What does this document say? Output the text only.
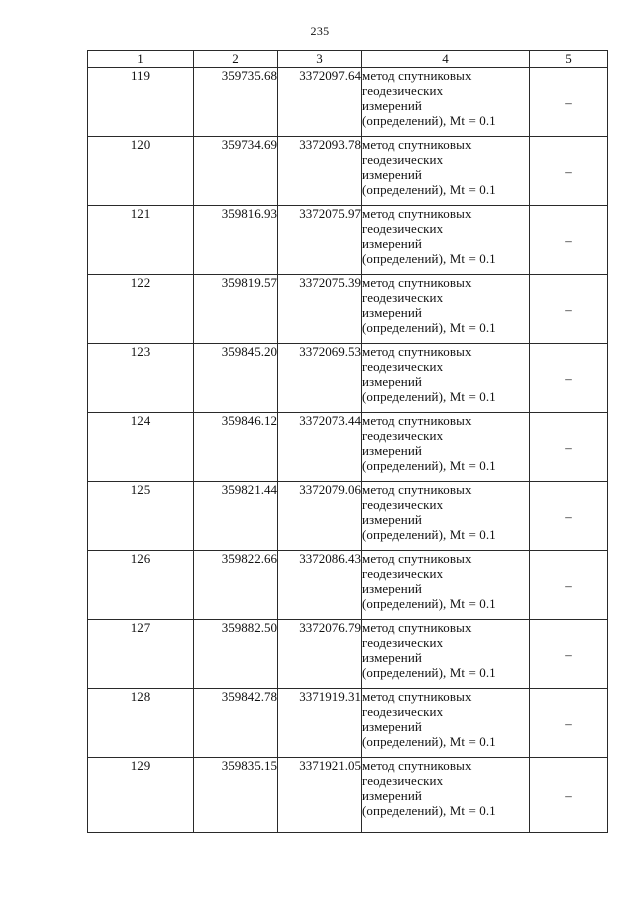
235
1	2	3	4	5
119	359735.68	3372097.64	метод спутниковых
геодезических
измерений
(определений), Mt = 0.1	–
120	359734.69	3372093.78	метод спутниковых
геодезических
измерений
(определений), Mt = 0.1	–
121	359816.93	3372075.97	метод спутниковых
геодезических
измерений
(определений), Mt = 0.1	–
122	359819.57	3372075.39	метод спутниковых
геодезических
измерений
(определений), Mt = 0.1	–
123	359845.20	3372069.53	метод спутниковых
геодезических
измерений
(определений), Mt = 0.1	–
124	359846.12	3372073.44	метод спутниковых
геодезических
измерений
(определений), Mt = 0.1	–
125	359821.44	3372079.06	метод спутниковых
геодезических
измерений
(определений), Mt = 0.1	–
126	359822.66	3372086.43	метод спутниковых
геодезических
измерений
(определений), Mt = 0.1	–
127	359882.50	3372076.79	метод спутниковых
геодезических
измерений
(определений), Mt = 0.1	–
128	359842.78	3371919.31	метод спутниковых
геодезических
измерений
(определений), Mt = 0.1	–
129	359835.15	3371921.05	метод спутниковых
геодезических
измерений
(определений), Mt = 0.1	–
